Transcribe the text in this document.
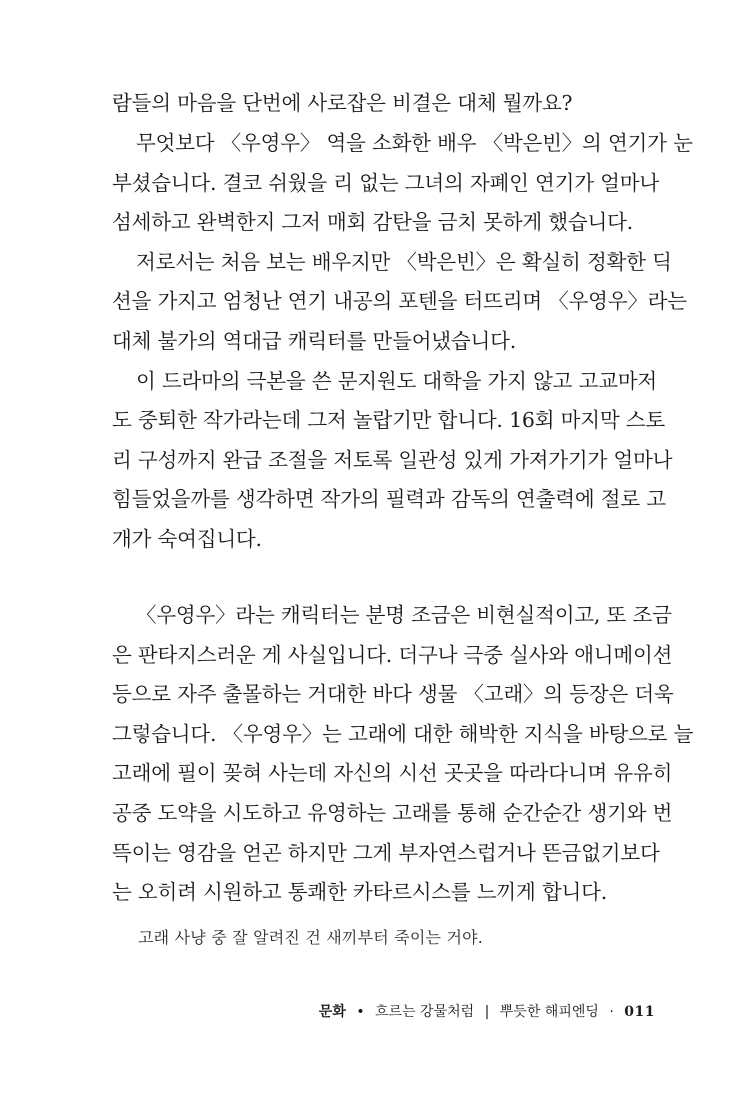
람들의 마음을 단번에 사로잡은 비결은 대체 뭘까요?
무엇보다 〈우영우〉 역을 소화한 배우 〈박은빈〉의 연기가 눈
부셨습니다. 결코 쉬웠을 리 없는 그녀의 자폐인 연기가 얼마나
섬세하고 완벽한지 그저 매회 감탄을 금치 못하게 했습니다.
저로서는 처음 보는 배우지만 〈박은빈〉은 확실히 정확한 딕
션을 가지고 엄청난 연기 내공의 포텐을 터뜨리며 〈우영우〉라는
대체 불가의 역대급 캐릭터를 만들어냈습니다.
이 드라마의 극본을 쓴 문지원도 대학을 가지 않고 고교마저
도 중퇴한 작가라는데 그저 놀랍기만 합니다. 16회 마지막 스토
리 구성까지 완급 조절을 저토록 일관성 있게 가져가기가 얼마나
힘들었을까를 생각하면 작가의 필력과 감독의 연출력에 절로 고
개가 숙여집니다.
〈우영우〉라는 캐릭터는 분명 조금은 비현실적이고, 또 조금
은 판타지스러운 게 사실입니다. 더구나 극중 실사와 애니메이션
등으로 자주 출몰하는 거대한 바다 생물 〈고래〉의 등장은 더욱
그렇습니다. 〈우영우〉는 고래에 대한 해박한 지식을 바탕으로 늘
고래에 필이 꽂혀 사는데 자신의 시선 곳곳을 따라다니며 유유히
공중 도약을 시도하고 유영하는 고래를 통해 순간순간 생기와 번
뜩이는 영감을 얻곤 하지만 그게 부자연스럽거나 뜬금없기보다
는 오히려 시원하고 통쾌한 카타르시스를 느끼게 합니다.
고래 사냥 중 잘 알려진 건 새끼부터 죽이는 거야.
문화 • 흐르는 강물처럼 | 뿌듯한 해피엔딩 · 011
